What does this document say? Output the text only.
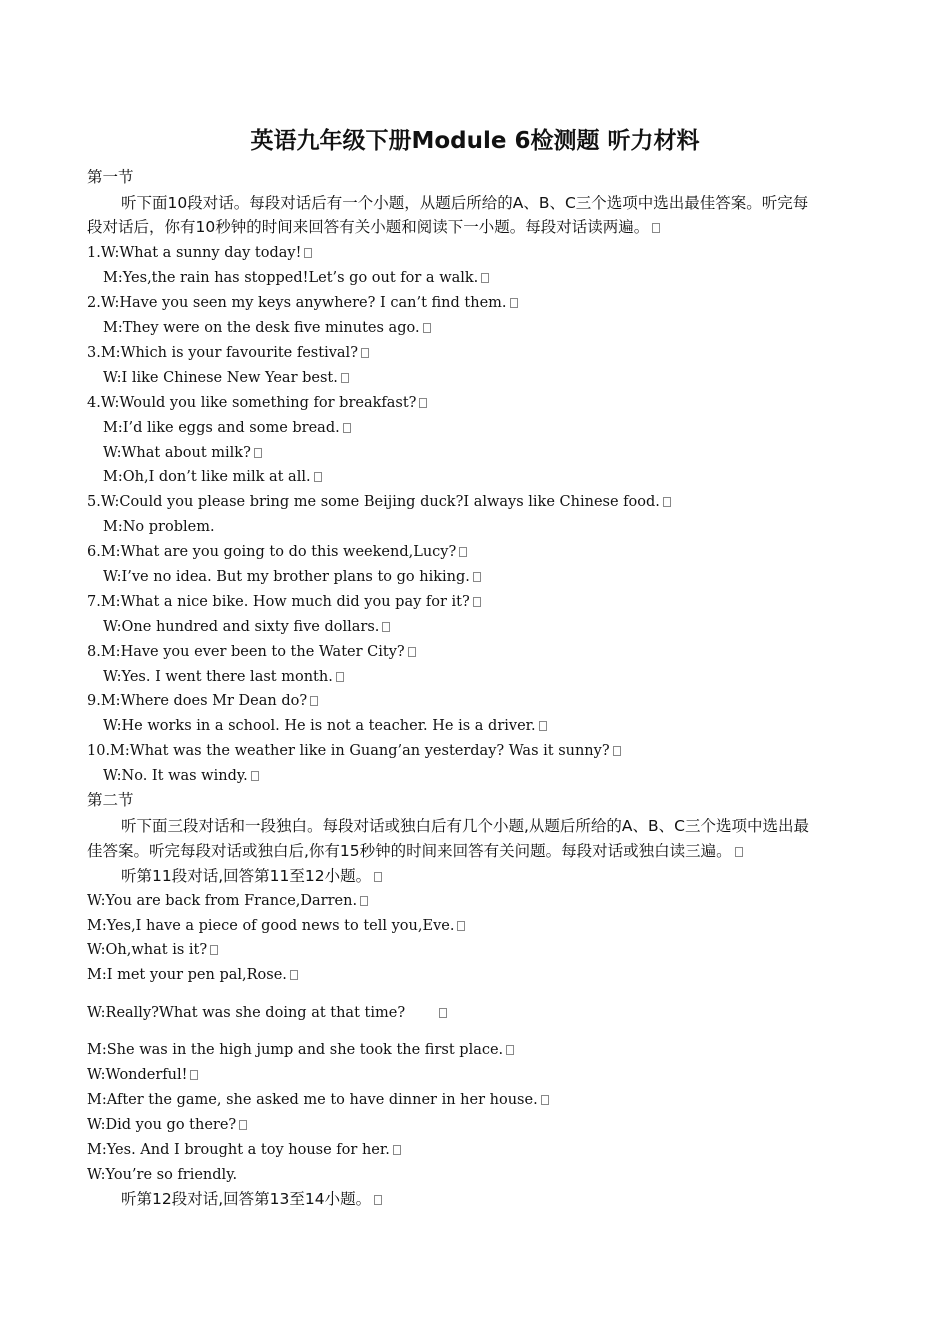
英语九年级下册Module 6检测题 听力材料
第一节
听下面10段对话。每段对话后有一个小题，从题后所给的A、B、C三个选项中选出最佳答案。听完每
段对话后，你有10秒钟的时间来回答有关小题和阅读下一小题。每段对话读两遍。
1.W:What a sunny day today!
M:Yes,the rain has stopped!Let’s go out for a walk.
2.W:Have you seen my keys anywhere? I can’t find them.
M:They were on the desk five minutes ago.
3.M:Which is your favourite festival?
W:I like Chinese New Year best.
4.W:Would you like something for breakfast?
M:I’d like eggs and some bread.
W:What about milk?
M:Oh,I don’t like milk at all.
5.W:Could you please bring me some Beijing duck?I always like Chinese food.
M:No problem.
6.M:What are you going to do this weekend,Lucy?
W:I’ve no idea. But my brother plans to go hiking.
7.M:What a nice bike. How much did you pay for it?
W:One hundred and sixty five dollars.
8.M:Have you ever been to the Water City?
W:Yes. I went there last month.
9.M:Where does Mr Dean do?
W:He works in a school. He is not a teacher. He is a driver.
10.M:What was the weather like in Guang’an yesterday? Was it sunny?
W:No. It was windy.
第二节
听下面三段对话和一段独白。每段对话或独白后有几个小题,从题后所给的A、B、C三个选项中选出最
佳答案。听完每段对话或独白后,你有15秒钟的时间来回答有关问题。每段对话或独白读三遍。
听第11段对话,回答第11至12小题。
W:You are back from France,Darren.
M:Yes,I have a piece of good news to tell you,Eve.
W:Oh,what is it?
M:I met your pen pal,Rose.
W:Really?What was she doing at that time?
M:She was in the high jump and she took the first place.
W:Wonderful!
M:After the game, she asked me to have dinner in her house.
W:Did you go there?
M:Yes. And I brought a toy house for her.
W:You’re so friendly.
听第12段对话,回答第13至14小题。
